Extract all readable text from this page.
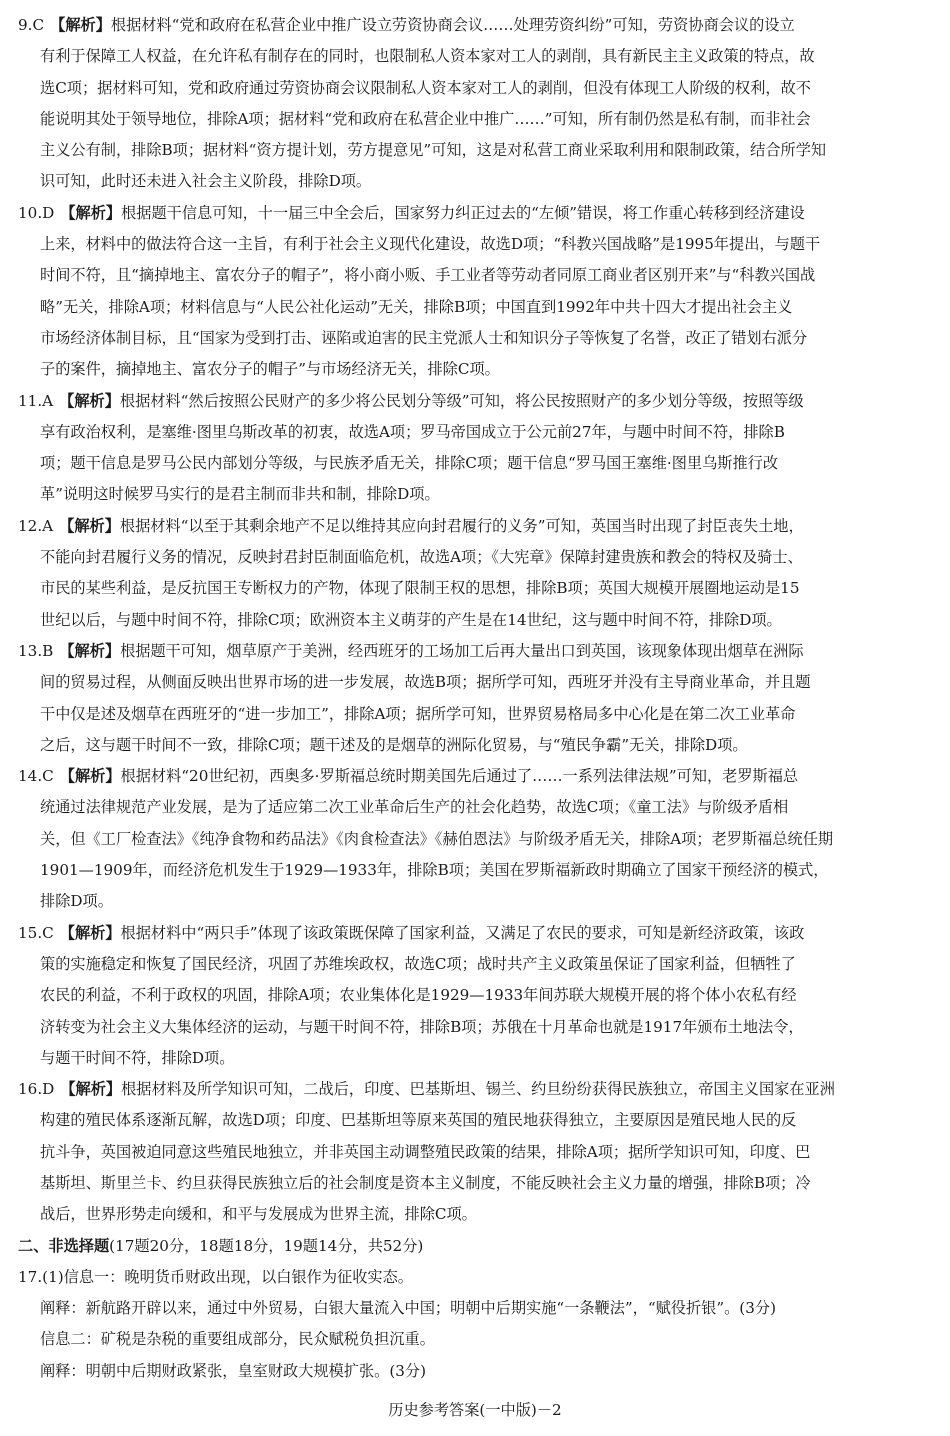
9.C 【解析】根据材料“党和政府在私营企业中推广设立劳资协商会议……处理劳资纠纷”可知，劳资协商会议的设立
有利于保障工人权益，在允许私有制存在的同时，也限制私人资本家对工人的剥削，具有新民主主义政策的特点，故
选C项；据材料可知，党和政府通过劳资协商会议限制私人资本家对工人的剥削，但没有体现工人阶级的权利，故不
能说明其处于领导地位，排除A项；据材料“党和政府在私营企业中推广……”可知，所有制仍然是私有制，而非社会
主义公有制，排除B项；据材料“资方提计划，劳方提意见”可知，这是对私营工商业采取利用和限制政策，结合所学知
识可知，此时还未进入社会主义阶段，排除D项。

10.D 【解析】根据题干信息可知，十一届三中全会后，国家努力纠正过去的“左倾”错误，将工作重心转移到经济建设
上来，材料中的做法符合这一主旨，有利于社会主义现代化建设，故选D项；“科教兴国战略”是1995年提出，与题干
时间不符，且“摘掉地主、富农分子的帽子”，将小商小贩、手工业者等劳动者同原工商业者区别开来”与“科教兴国战
略”无关，排除A项；材料信息与“人民公社化运动”无关，排除B项；中国直到1992年中共十四大才提出社会主义
市场经济体制目标，且“国家为受到打击、诬陷或迫害的民主党派人士和知识分子等恢复了名誉，改正了错划右派分
子的案件，摘掉地主、富农分子的帽子”与市场经济无关，排除C项。

11.A 【解析】根据材料“然后按照公民财产的多少将公民划分等级”可知，将公民按照财产的多少划分等级，按照等级
享有政治权利，是塞维·图里乌斯改革的初衷，故选A项；罗马帝国成立于公元前27年，与题中时间不符，排除B
项；题干信息是罗马公民内部划分等级，与民族矛盾无关，排除C项；题干信息“罗马国王塞维·图里乌斯推行改
革”说明这时候罗马实行的是君主制而非共和制，排除D项。

12.A 【解析】根据材料“以至于其剩余地产不足以维持其应向封君履行的义务”可知，英国当时出现了封臣丧失土地，
不能向封君履行义务的情况，反映封君封臣制面临危机，故选A项；《大宪章》保障封建贵族和教会的特权及骑士、
市民的某些利益，是反抗国王专断权力的产物，体现了限制王权的思想，排除B项；英国大规模开展圈地运动是15
世纪以后，与题中时间不符，排除C项；欧洲资本主义萌芽的产生是在14世纪，这与题中时间不符，排除D项。

13.B 【解析】根据题干可知，烟草原产于美洲，经西班牙的工场加工后再大量出口到英国，该现象体现出烟草在洲际
间的贸易过程，从侧面反映出世界市场的进一步发展，故选B项；据所学可知，西班牙并没有主导商业革命，并且题
干中仅是述及烟草在西班牙的“进一步加工”，排除A项；据所学可知，世界贸易格局多中心化是在第二次工业革命
之后，这与题干时间不一致，排除C项；题干述及的是烟草的洲际化贸易，与“殖民争霸”无关，排除D项。

14.C 【解析】根据材料“20世纪初，西奥多·罗斯福总统时期美国先后通过了……一系列法律法规”可知，老罗斯福总
统通过法律规范产业发展，是为了适应第二次工业革命后生产的社会化趋势，故选C项；《童工法》与阶级矛盾相
关，但《工厂检查法》《纯净食物和药品法》《肉食检查法》《赫伯恩法》与阶级矛盾无关，排除A项；老罗斯福总统任期
1901—1909年，而经济危机发生于1929—1933年，排除B项；美国在罗斯福新政时期确立了国家干预经济的模式，
排除D项。

15.C 【解析】根据材料中“两只手”体现了该政策既保障了国家利益，又满足了农民的要求，可知是新经济政策，该政
策的实施稳定和恢复了国民经济，巩固了苏维埃政权，故选C项；战时共产主义政策虽保证了国家利益，但牺牲了
农民的利益，不利于政权的巩固，排除A项；农业集体化是1929—1933年间苏联大规模开展的将个体小农私有经
济转变为社会主义大集体经济的运动，与题干时间不符，排除B项；苏俄在十月革命也就是1917年颁布土地法令，
与题干时间不符，排除D项。

16.D 【解析】根据材料及所学知识可知，二战后，印度、巴基斯坦、锡兰、约旦纷纷获得民族独立，帝国主义国家在亚洲
构建的殖民体系逐渐瓦解，故选D项；印度、巴基斯坦等原来英国的殖民地获得独立，主要原因是殖民地人民的反
抗斗争，英国被迫同意这些殖民地独立，并非英国主动调整殖民政策的结果，排除A项；据所学知识可知，印度、巴
基斯坦、斯里兰卡、约旦获得民族独立后的社会制度是资本主义制度，不能反映社会主义力量的增强，排除B项；冷
战后，世界形势走向缓和，和平与发展成为世界主流，排除C项。

二、非选择题(17题20分，18题18分，19题14分，共52分)

17.(1)信息一：晚明货币财政出现，以白银作为征收实态。

阐释：新航路开辟以来，通过中外贸易，白银大量流入中国；明朝中后期实施“一条鞭法”，“赋役折银”。(3分)

信息二：矿税是杂税的重要组成部分，民众赋税负担沉重。

阐释：明朝中后期财政紧张，皇室财政大规模扩张。(3分)

历史参考答案(一中版)－2
